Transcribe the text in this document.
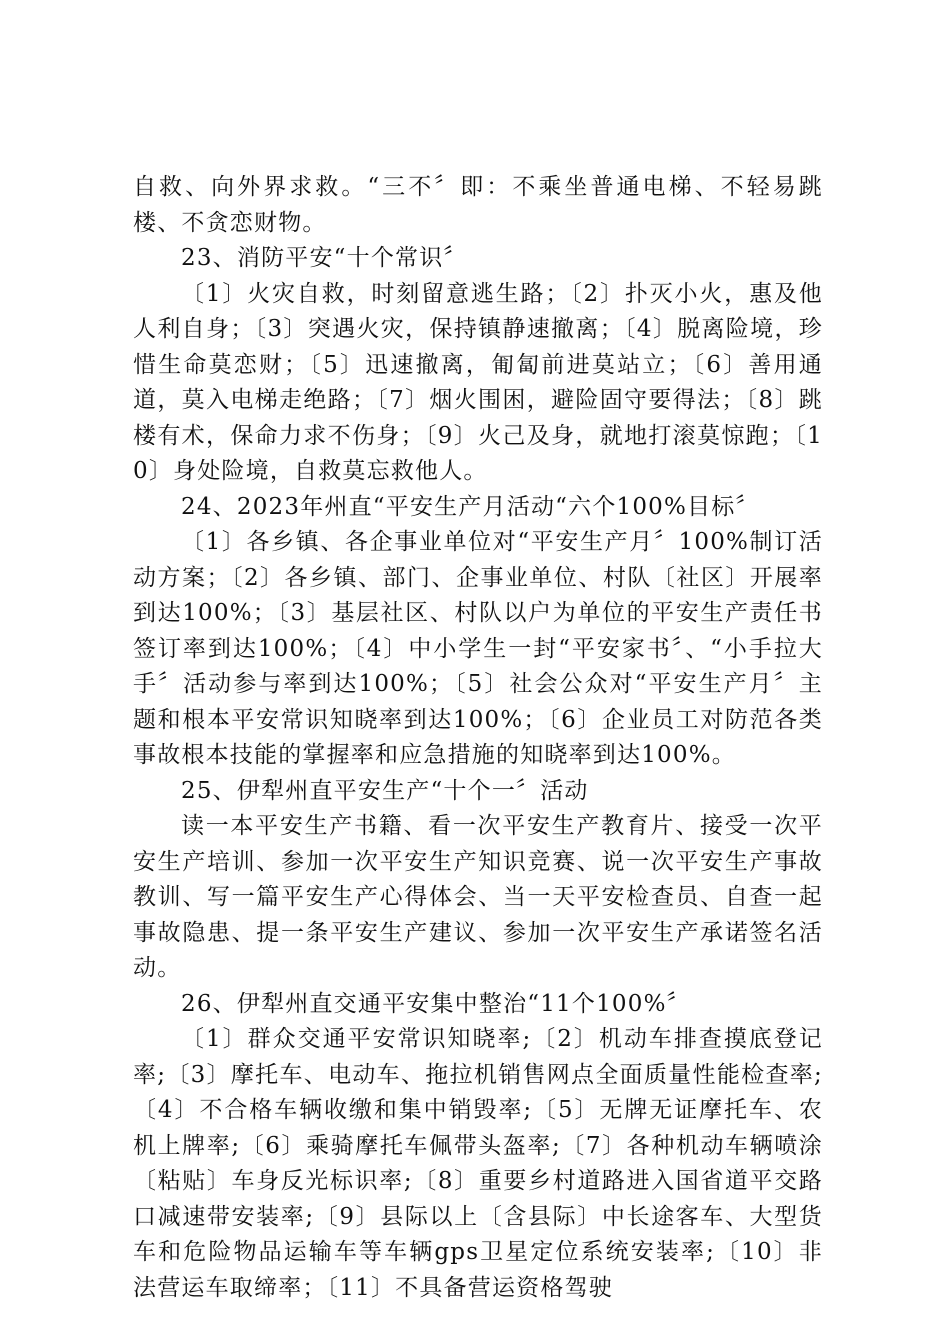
自救、向外界求救。“三不〞即：不乘坐普通电梯、不轻易跳楼、不贪恋财物。

23、消防平安“十个常识〞

〔1〕火灾自救，时刻留意逃生路；〔2〕扑灭小火，惠及他人利自身；〔3〕突遇火灾，保持镇静速撤离；〔4〕脱离险境，珍惜生命莫恋财；〔5〕迅速撤离，匍匐前进莫站立；〔6〕善用通道，莫入电梯走绝路；〔7〕烟火围困，避险固守要得法；〔8〕跳楼有术，保命力求不伤身；〔9〕火己及身，就地打滚莫惊跑；〔10〕身处险境，自救莫忘救他人。

24、2023年州直“平安生产月活动“六个100%目标〞

〔1〕各乡镇、各企事业单位对“平安生产月〞100%制订活动方案；〔2〕各乡镇、部门、企事业单位、村队〔社区〕开展率到达100%；〔3〕基层社区、村队以户为单位的平安生产责任书签订率到达100%；〔4〕中小学生一封“平安家书〞、“小手拉大手〞活动参与率到达100%；〔5〕社会公众对“平安生产月〞主题和根本平安常识知晓率到达100%；〔6〕企业员工对防范各类事故根本技能的掌握率和应急措施的知晓率到达100%。

25、伊犁州直平安生产“十个一〞活动

读一本平安生产书籍、看一次平安生产教育片、接受一次平安生产培训、参加一次平安生产知识竞赛、说一次平安生产事故教训、写一篇平安生产心得体会、当一天平安检查员、自查一起事故隐患、提一条平安生产建议、参加一次平安生产承诺签名活动。

26、伊犁州直交通平安集中整治“11个100%〞

〔1〕群众交通平安常识知晓率;〔2〕机动车排查摸底登记率;〔3〕摩托车、电动车、拖拉机销售网点全面质量性能检查率;〔4〕不合格车辆收缴和集中销毁率;〔5〕无牌无证摩托车、农机上牌率;〔6〕乘骑摩托车佩带头盔率;〔7〕各种机动车辆喷涂〔粘贴〕车身反光标识率;〔8〕重要乡村道路进入国省道平交路口减速带安装率;〔9〕县际以上〔含县际〕中长途客车、大型货车和危险物品运输车等车辆gps卫星定位系统安装率;〔10〕非法营运车取缔率；〔11〕不具备营运资格驾驶
